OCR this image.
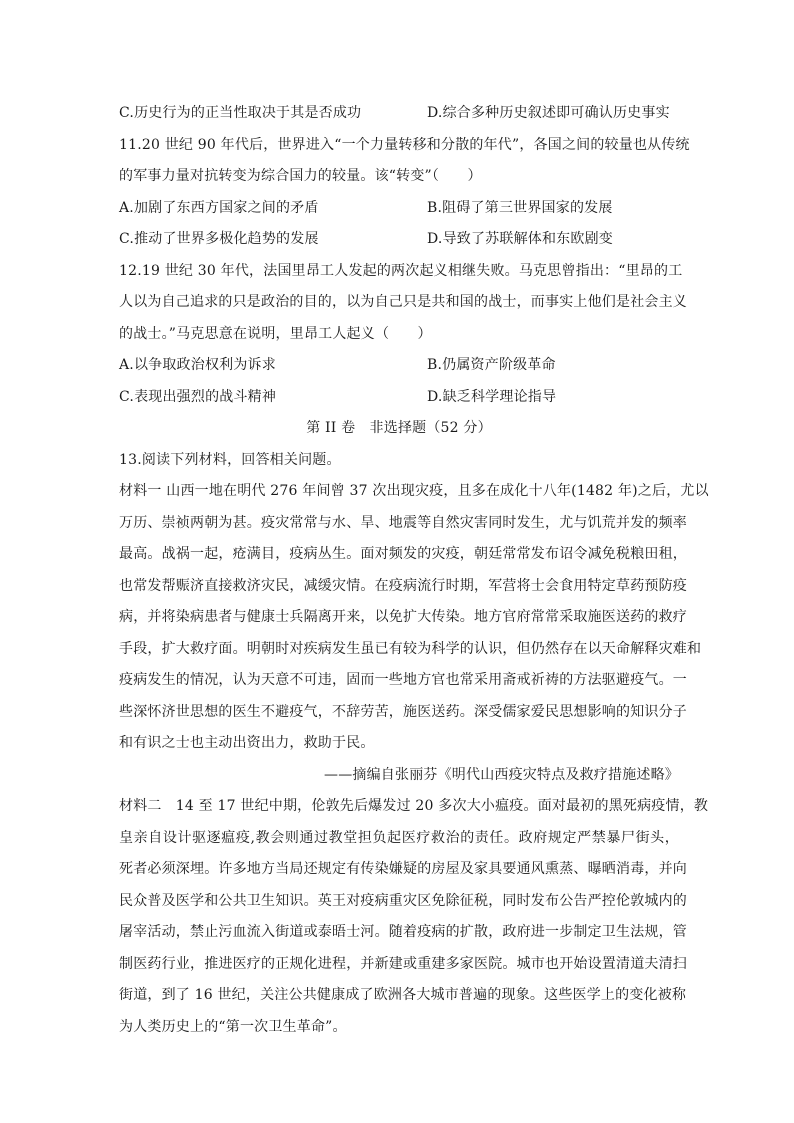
C.历史行为的正当性取决于其是否成功	D.综合多种历史叙述即可确认历史事实
11.20 世纪 90 年代后，世界进入“一个力量转移和分散的年代”，各国之间的较量也从传统
的军事力量对抗转变为综合国力的较量。该“转变”（　　）
A.加剧了东西方国家之间的矛盾	B.阻碍了第三世界国家的发展
C.推动了世界多极化趋势的发展	D.导致了苏联解体和东欧剧变
12.19 世纪 30 年代，法国里昂工人发起的两次起义相继失败。马克思曾指出：“里昂的工
人以为自己追求的只是政治的目的，以为自己只是共和国的战士，而事实上他们是社会主义
的战士。”马克思意在说明，里昂工人起义（　　）
A.以争取政治权利为诉求	B.仍属资产阶级革命
C.表现出强烈的战斗精神	D.缺乏科学理论指导
第 II 卷　非选择题（52 分）
13.阅读下列材料，回答相关问题。
材料一 山西一地在明代 276 年间曾 37 次出现灾疫，且多在成化十八年(1482 年)之后，尤以
万历、崇祯两朝为甚。疫灾常常与水、旱、地震等自然灾害同时发生，尤与饥荒并发的频率
最高。战祸一起，疮满目，疫病丛生。面对频发的灾疫，朝廷常常发布诏令减免税粮田租，
也常发帮赈济直接救济灾民，减缓灾情。在疫病流行时期，军营将士会食用特定草药预防疫
病，并将染病患者与健康士兵隔离开来，以免扩大传染。地方官府常常采取施医送药的救疗
手段，扩大救疗面。明朝时对疾病发生虽已有较为科学的认识，但仍然存在以天命解释灾难和
疫病发生的情况，认为天意不可违，固而一些地方官也常采用斋戒祈祷的方法驱避疫气。一
些深怀济世思想的医生不避疫气，不辞劳苦，施医送药。深受儒家爱民思想影响的知识分子
和有识之士也主动出资出力，救助于民。
——摘编自张丽芬《明代山西疫灾特点及救疗措施述略》
材料二　14 至 17 世纪中期，伦敦先后爆发过 20 多次大小瘟疫。面对最初的黑死病疫情，教
皇亲自设计驱逐瘟疫,教会则通过教堂担负起医疗救治的责任。政府规定严禁暴尸街头，
死者必须深埋。许多地方当局还规定有传染嫌疑的房屋及家具要通风熏蒸、曝晒消毒，并向
民众普及医学和公共卫生知识。英王对疫病重灾区免除征税，同时发布公告严控伦敦城内的
屠宰活动，禁止污血流入街道或泰晤士河。随着疫病的扩散，政府进一步制定卫生法规，管
制医药行业，推进医疗的正规化进程，并新建或重建多家医院。城市也开始设置清道夫清扫
街道，到了 16 世纪，关注公共健康成了欧洲各大城市普遍的现象。这些医学上的变化被称
为人类历史上的“第一次卫生革命”。
